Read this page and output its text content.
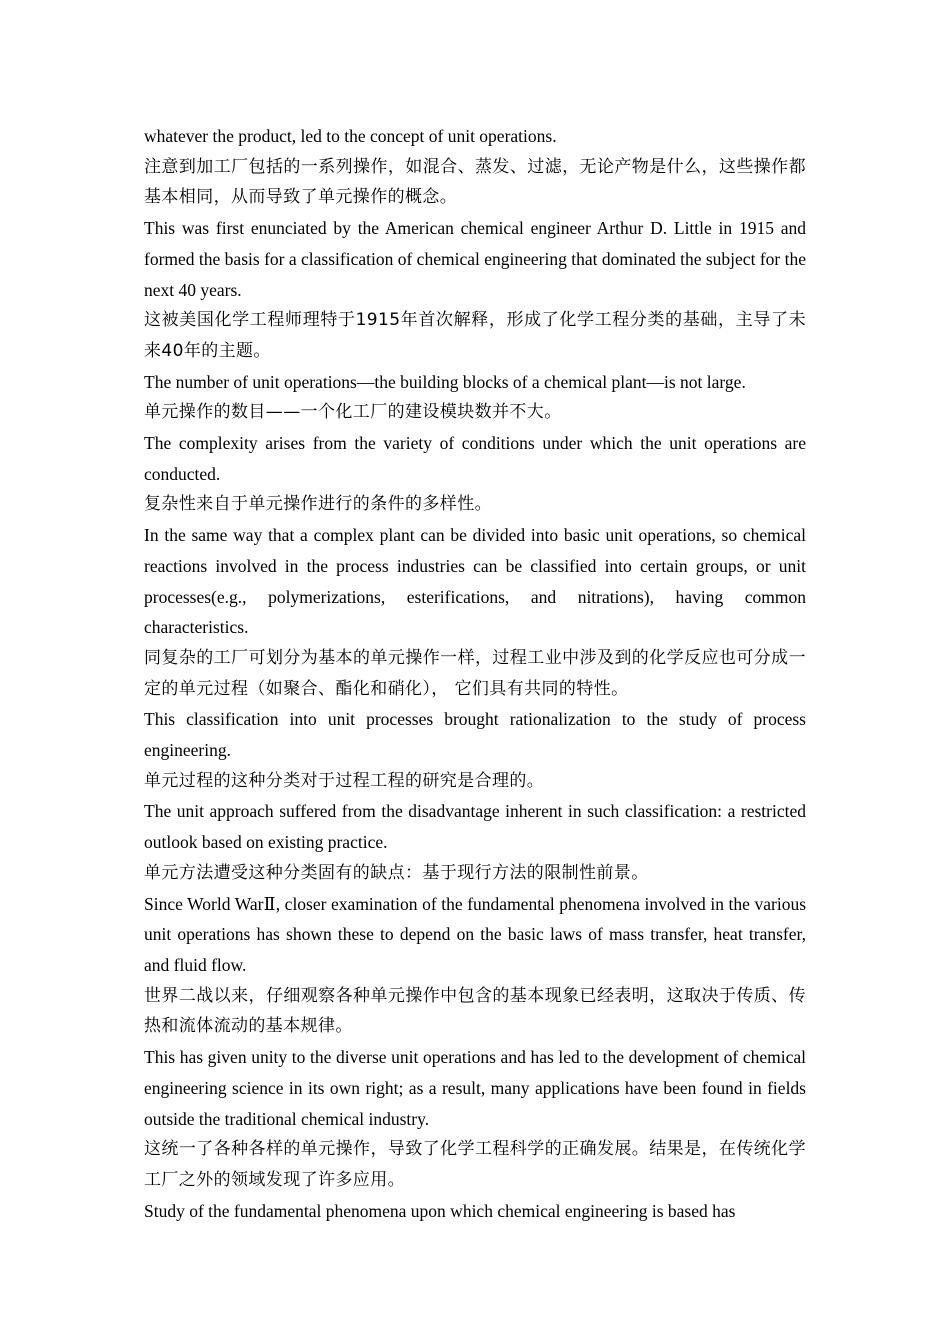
whatever the product, led to the concept of unit operations.

注意到加工厂包括的一系列操作，如混合、蒸发、过滤，无论产物是什么，这些操作都基本相同，从而导致了单元操作的概念。

This was first enunciated by the American chemical engineer Arthur D. Little in 1915 and formed the basis for a classification of chemical engineering that dominated the subject for the next 40 years.

这被美国化学工程师理特于1915年首次解释，形成了化学工程分类的基础，主导了未来40年的主题。

The number of unit operations—the building blocks of a chemical plant—is not large.

单元操作的数目——一个化工厂的建设模块数并不大。

The complexity arises from the variety of conditions under which the unit operations are conducted.

复杂性来自于单元操作进行的条件的多样性。

In the same way that a complex plant can be divided into basic unit operations, so chemical reactions involved in the process industries can be classified into certain groups, or unit processes(e.g., polymerizations, esterifications, and nitrations), having common characteristics.

同复杂的工厂可划分为基本的单元操作一样，过程工业中涉及到的化学反应也可分成一定的单元过程（如聚合、酯化和硝化）， 它们具有共同的特性。

This classification into unit processes brought rationalization to the study of process engineering.

单元过程的这种分类对于过程工程的研究是合理的。

The unit approach suffered from the disadvantage inherent in such classification: a restricted outlook based on existing practice.

单元方法遭受这种分类固有的缺点：基于现行方法的限制性前景。

Since World WarⅡ, closer examination of the fundamental phenomena involved in the various unit operations has shown these to depend on the basic laws of mass transfer, heat transfer, and fluid flow.

世界二战以来，仔细观察各种单元操作中包含的基本现象已经表明，这取决于传质、传热和流体流动的基本规律。

This has given unity to the diverse unit operations and has led to the development of chemical engineering science in its own right; as a result, many applications have been found in fields outside the traditional chemical industry.

这统一了各种各样的单元操作，导致了化学工程科学的正确发展。结果是，在传统化学工厂之外的领域发现了许多应用。

Study of the fundamental phenomena upon which chemical engineering is based has
